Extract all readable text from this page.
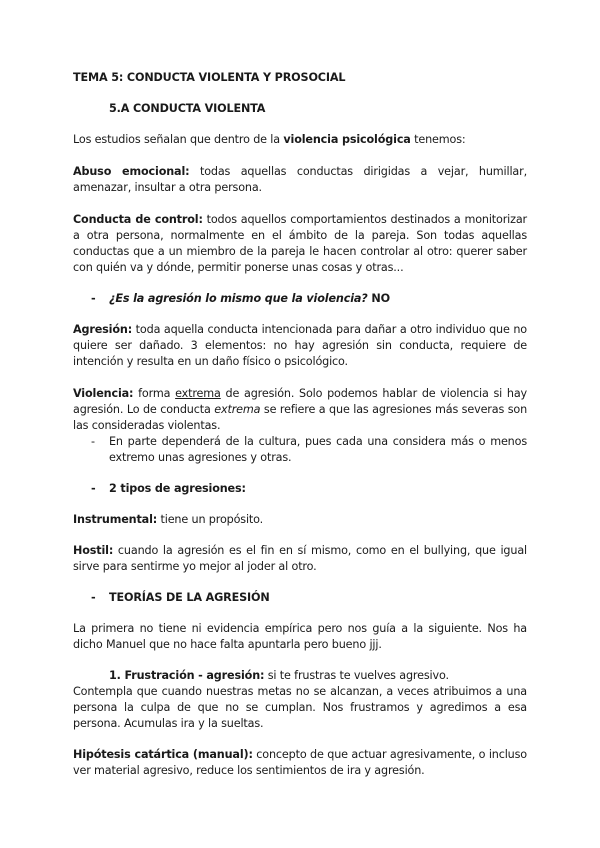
TEMA 5: CONDUCTA VIOLENTA Y PROSOCIAL

5.A CONDUCTA VIOLENTA

Los estudios señalan que dentro de la violencia psicológica tenemos:

Abuso emocional: todas aquellas conductas dirigidas a vejar, humillar, amenazar, insultar a otra persona.

Conducta de control: todos aquellos comportamientos destinados a monitorizar a otra persona, normalmente en el ámbito de la pareja. Son todas aquellas conductas que a un miembro de la pareja le hacen controlar al otro: querer saber con quién va y dónde, permitir ponerse unas cosas y otras...

- ¿Es la agresión lo mismo que la violencia? NO

Agresión: toda aquella conducta intencionada para dañar a otro individuo que no quiere ser dañado. 3 elementos: no hay agresión sin conducta, requiere de intención y resulta en un daño físico o psicológico.

Violencia: forma extrema de agresión. Solo podemos hablar de violencia si hay agresión. Lo de conducta extrema se refiere a que las agresiones más severas son las consideradas violentas.

- En parte dependerá de la cultura, pues cada una considera más o menos extremo unas agresiones y otras.

- 2 tipos de agresiones:

Instrumental: tiene un propósito.

Hostil: cuando la agresión es el fin en sí mismo, como en el bullying, que igual sirve para sentirme yo mejor al joder al otro.

- TEORÍAS DE LA AGRESIÓN

La primera no tiene ni evidencia empírica pero nos guía a la siguiente. Nos ha dicho Manuel que no hace falta apuntarla pero bueno jjj.

1. Frustración - agresión: si te frustras te vuelves agresivo.

Contempla que cuando nuestras metas no se alcanzan, a veces atribuimos a una persona la culpa de que no se cumplan. Nos frustramos y agredimos a esa persona. Acumulas ira y la sueltas.

Hipótesis catártica (manual): concepto de que actuar agresivamente, o incluso ver material agresivo, reduce los sentimientos de ira y agresión.
